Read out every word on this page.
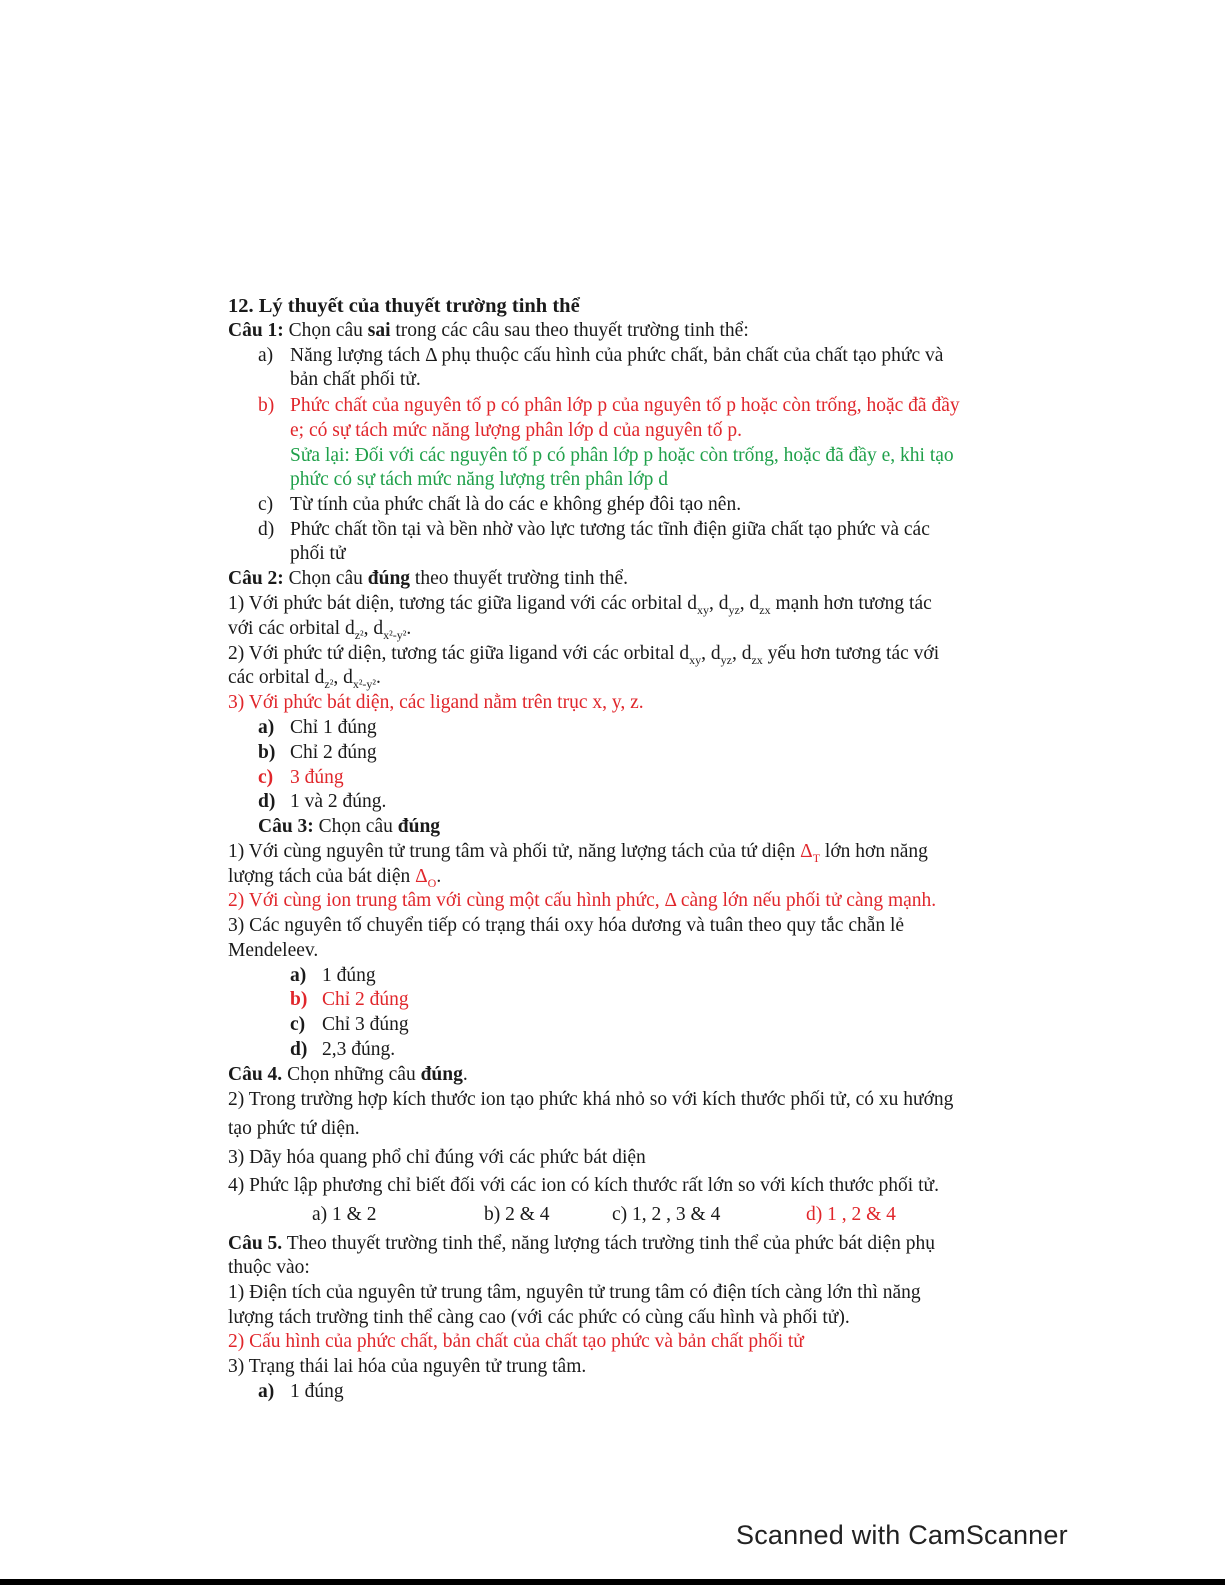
12. Lý thuyết của thuyết trường tinh thể
Câu 1: Chọn câu sai trong các câu sau theo thuyết trường tinh thể:
a) Năng lượng tách Δ phụ thuộc cấu hình của phức chất, bản chất của chất tạo phức và
bản chất phối tử.
b) Phức chất của nguyên tố p có phân lớp p của nguyên tố p hoặc còn trống, hoặc đã đầy
e; có sự tách mức năng lượng phân lớp d của nguyên tố p.
Sửa lại: Đối với các nguyên tố p có phân lớp p hoặc còn trống, hoặc đã đầy e, khi tạo
phức có sự tách mức năng lượng trên phân lớp d
c) Từ tính của phức chất là do các e không ghép đôi tạo nên.
d) Phức chất tồn tại và bền nhờ vào lực tương tác tĩnh điện giữa chất tạo phức và các
phối tử
Câu 2: Chọn câu đúng theo thuyết trường tinh thể.
1) Với phức bát diện, tương tác giữa ligand với các orbital $d_{xy}$, $d_{yz}$, $d_{zx}$ mạnh hơn tương tác
với các orbital $d_{z^2}$, $d_{x^2-y^2}$.
2) Với phức tứ diện, tương tác giữa ligand với các orbital $d_{xy}$, $d_{yz}$, $d_{zx}$ yếu hơn tương tác với
các orbital $d_{z^2}$, $d_{x^2-y^2}$.
3) Với phức bát diện, các ligand nằm trên trục x, y, z.
a) Chỉ 1 đúng
b) Chỉ 2 đúng
c) 3 đúng
d) 1 và 2 đúng.
Câu 3: Chọn câu đúng
1) Với cùng nguyên tử trung tâm và phối tử, năng lượng tách của tứ diện $\Delta_T$ lớn hơn năng
lượng tách của bát diện $\Delta_O$.
2) Với cùng ion trung tâm với cùng một cấu hình phức, Δ càng lớn nếu phối tử càng mạnh.
3) Các nguyên tố chuyển tiếp có trạng thái oxy hóa dương và tuân theo quy tắc chẵn lẻ
Mendeleev.
a) 1 đúng
b) Chỉ 2 đúng
c) Chỉ 3 đúng
d) 2,3 đúng.
Câu 4. Chọn những câu đúng.
2) Trong trường hợp kích thước ion tạo phức khá nhỏ so với kích thước phối tử, có xu hướng
tạo phức tứ diện.
3) Dãy hóa quang phổ chỉ đúng với các phức bát diện
4) Phức lập phương chỉ biết đối với các ion có kích thước rất lớn so với kích thước phối tử.
a) 1 & 2	b) 2 & 4	c) 1, 2 , 3 & 4	d) 1 , 2 & 4
Câu 5. Theo thuyết trường tinh thể, năng lượng tách trường tinh thể của phức bát diện phụ
thuộc vào:
1) Điện tích của nguyên tử trung tâm, nguyên tử trung tâm có điện tích càng lớn thì năng
lượng tách trường tinh thể càng cao (với các phức có cùng cấu hình và phối tử).
2) Cấu hình của phức chất, bản chất của chất tạo phức và bản chất phối tử
3) Trạng thái lai hóa của nguyên tử trung tâm.
a) 1 đúng
Scanned with CamScanner
